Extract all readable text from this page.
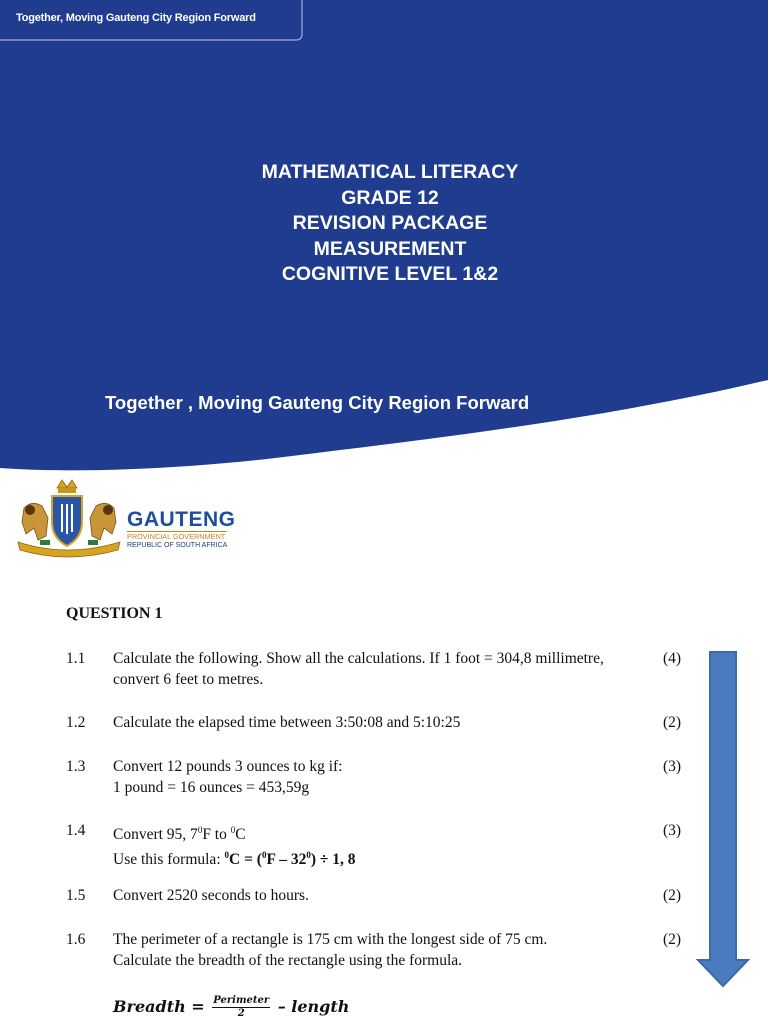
Together, Moving Gauteng City Region Forward
MATHEMATICAL LITERACY
GRADE 12
REVISION PACKAGE
MEASUREMENT
COGNITIVE LEVEL 1&2
Together , Moving Gauteng City Region Forward
GAUTENG
PROVINCIAL GOVERNMENT
REPUBLIC OF SOUTH AFRICA
QUESTION 1
1.1 Calculate the following. Show all the calculations. If 1 foot = 304,8 millimetre,
convert 6 feet to metres.
(4)
1.2 Calculate the elapsed time between 3:50:08 and 5:10:25	(2)
1.3 Convert 12 pounds 3 ounces to kg if:
1 pound = 16 ounces = 453,59g
(3)
1.4 Convert 95, $7^0F$ to $^0$C
Use this formula: $^0C = (^0F - 32^0) \div 1$, 8
(3)
1.5 Convert 2520 seconds to hours.	(2)
1.6 The perimeter of a rectangle is 175 cm with the longest side of 75 cm.
Calculate the breadth of the rectangle using the formula.
(2)
Breadth = $\frac{\text{Perimeter}}{2}$ – length
